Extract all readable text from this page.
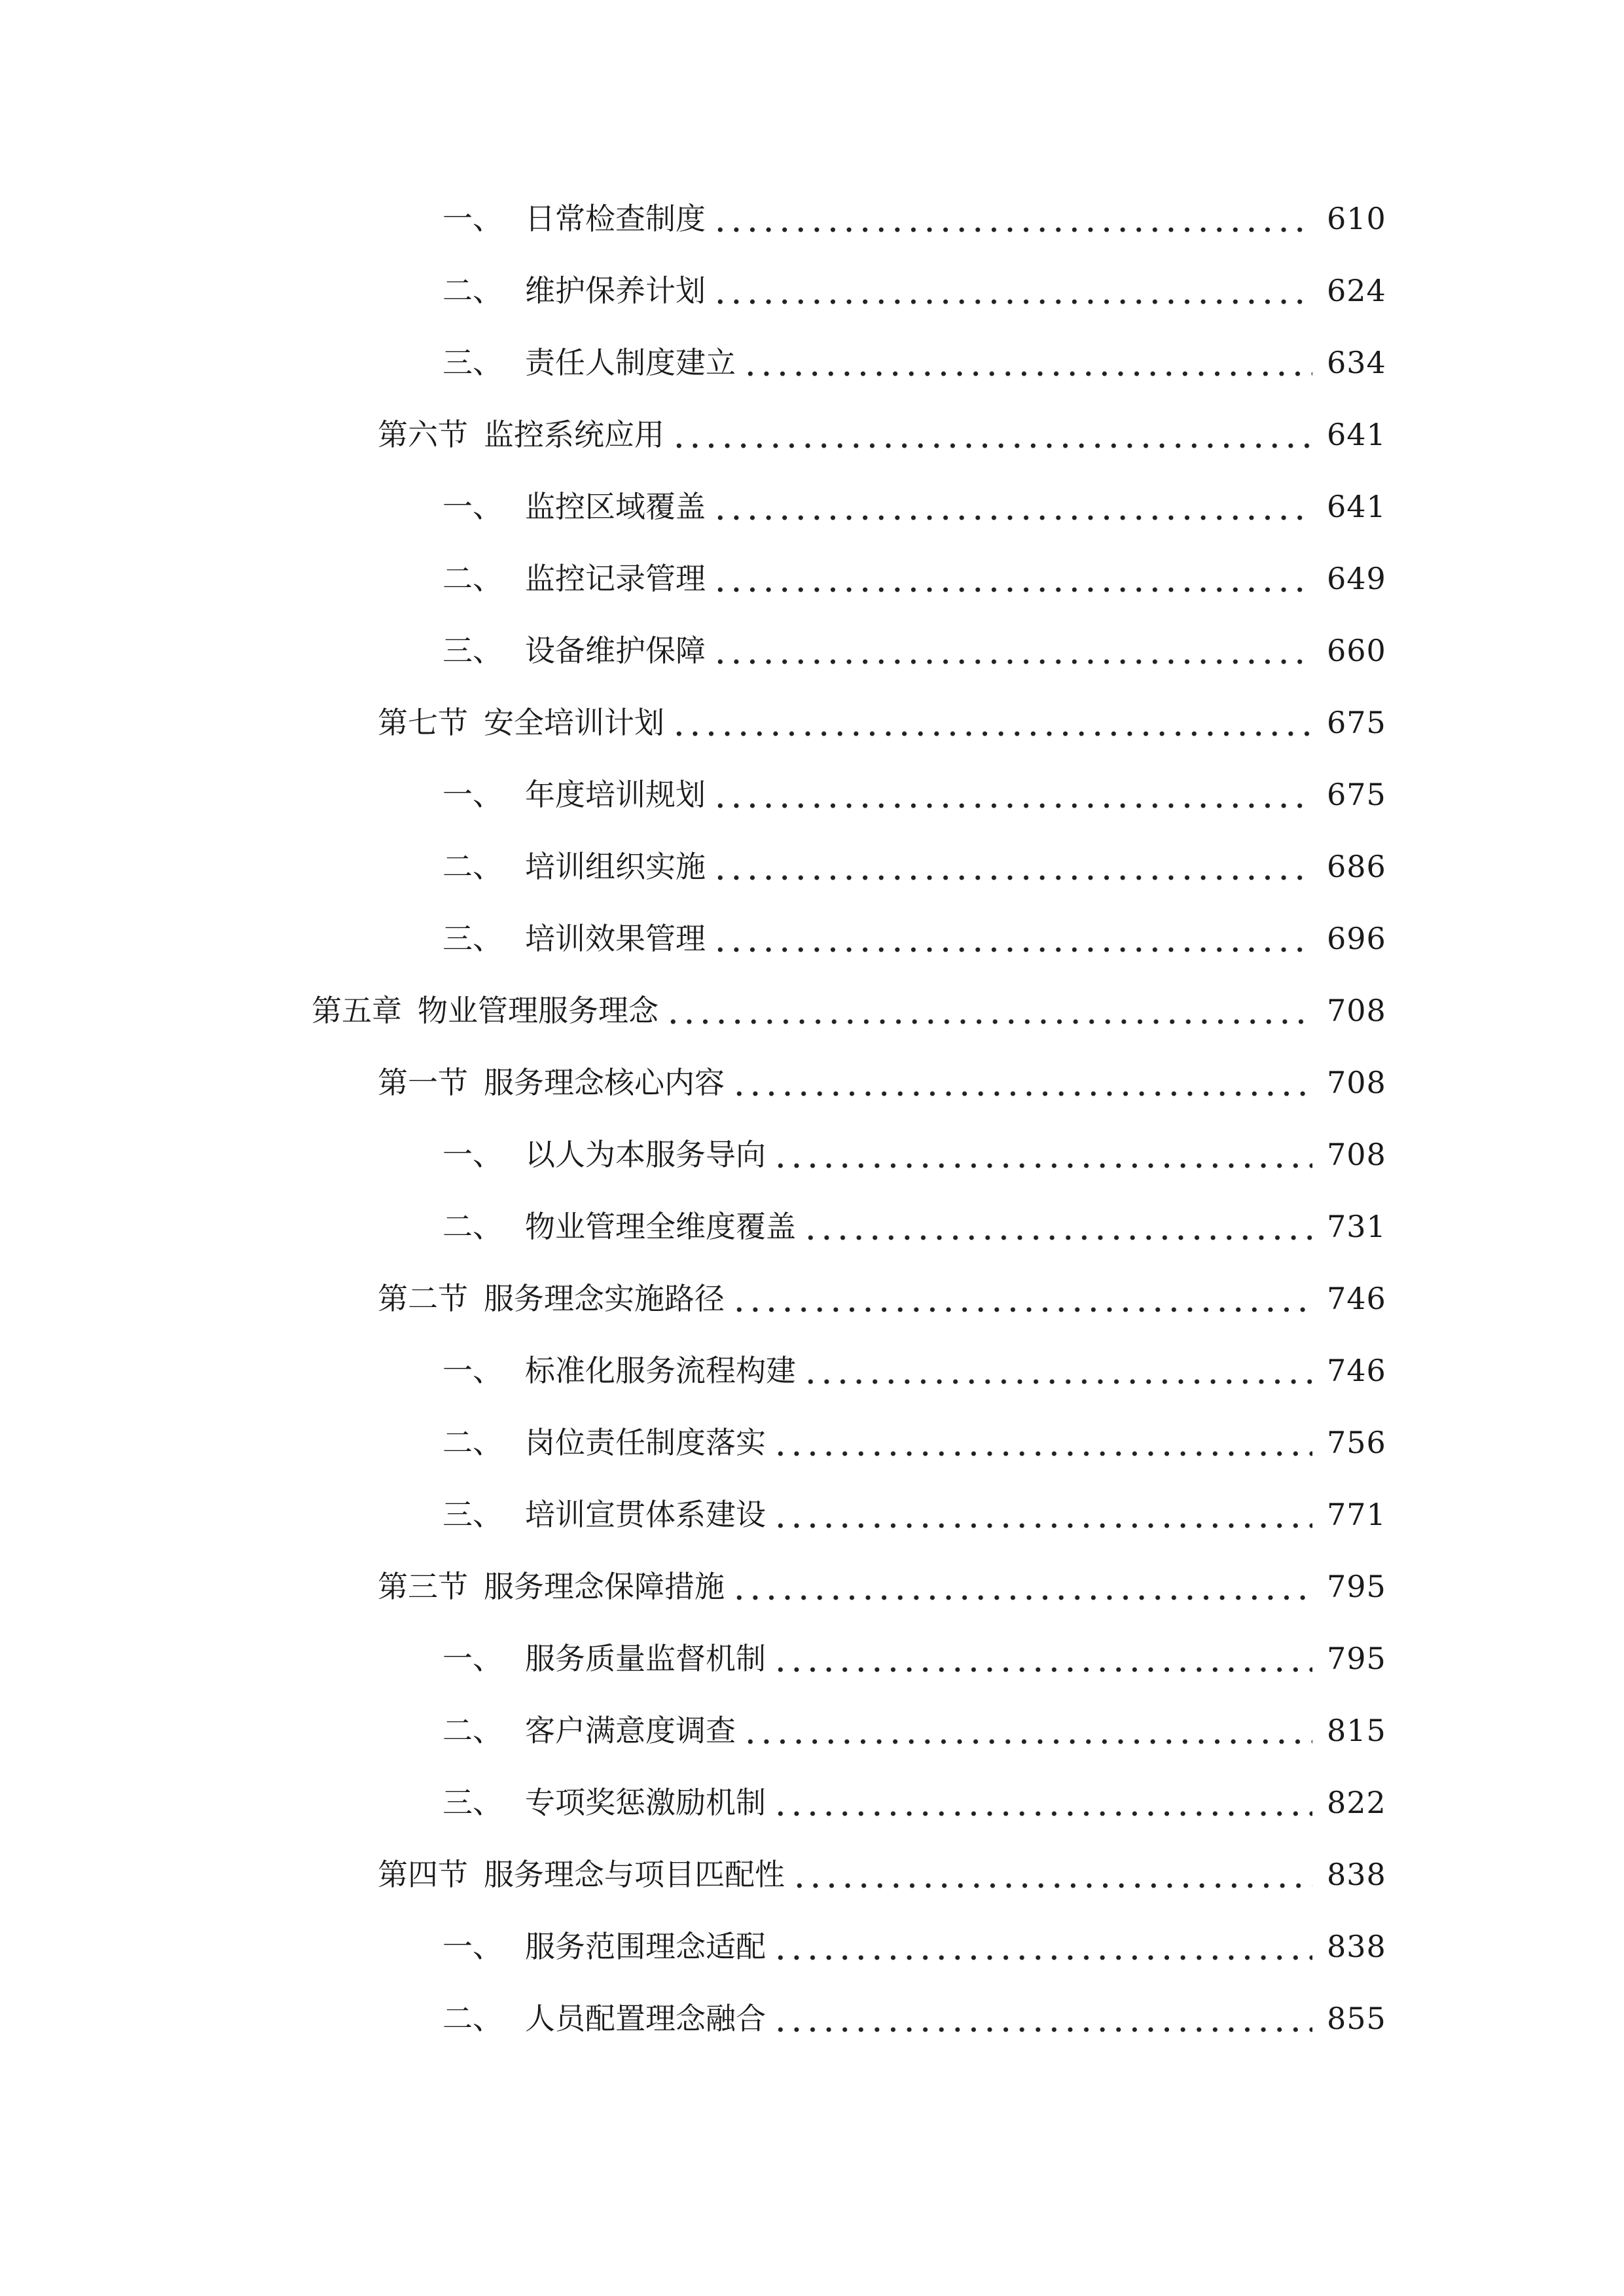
一、 日常检查制度	610
二、 维护保养计划	624
三、 责任人制度建立	634
第六节 监控系统应用	641
一、 监控区域覆盖	641
二、 监控记录管理	649
三、 设备维护保障	660
第七节 安全培训计划	675
一、 年度培训规划	675
二、 培训组织实施	686
三、 培训效果管理	696
第五章 物业管理服务理念	708
第一节 服务理念核心内容	708
一、 以人为本服务导向	708
二、 物业管理全维度覆盖	731
第二节 服务理念实施路径	746
一、 标准化服务流程构建	746
二、 岗位责任制度落实	756
三、 培训宣贯体系建设	771
第三节 服务理念保障措施	795
一、 服务质量监督机制	795
二、 客户满意度调查	815
三、 专项奖惩激励机制	822
第四节 服务理念与项目匹配性	838
一、 服务范围理念适配	838
二、 人员配置理念融合	855
